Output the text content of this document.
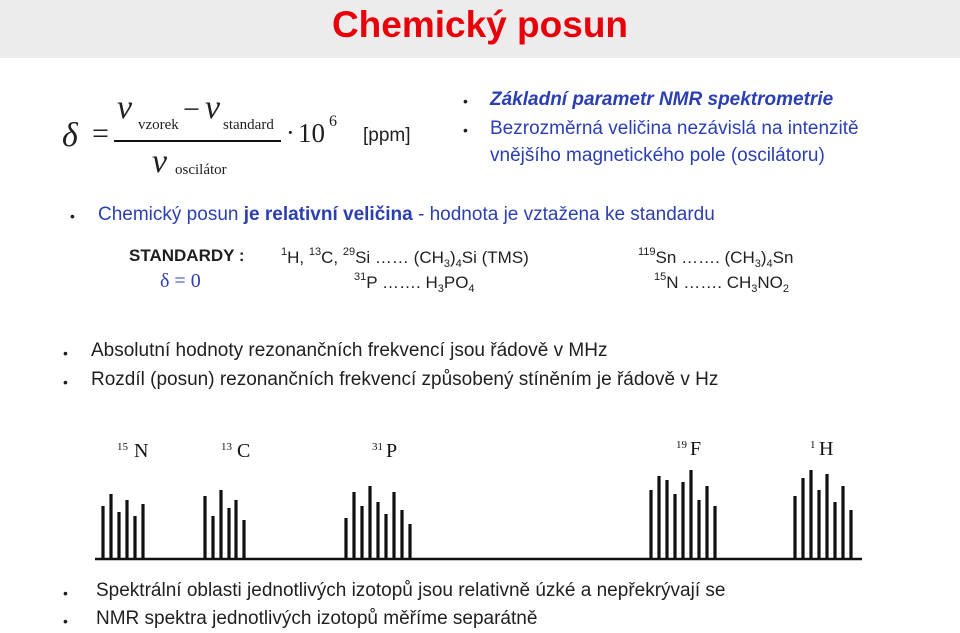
Chemický posun
δ =
ν vzorek − ν standard
ν oscilátor
· 10 6
[ppm]
• Základní parametr NMR spektrometrie
• Bezrozměrná veličina nezávislá na intenzitě
vnějšího magnetického pole (oscilátoru)
• Chemický posun je relativní veličina - hodnota je vztažena ke standardu
STANDARDY :
δ = 0
$^1$H, $^{13}$C, $^{29}$Si …… $(CH_3)_4Si$ (TMS)
$^{31}$P ……. $H_3PO_4$
$^{119}$Sn ……. $(CH_3)_4Sn$
$^{15}$N ……. $CH_3NO_2$
• Absolutní hodnoty rezonančních frekvencí jsou řádově v MHz
• Rozdíl (posun) rezonančních frekvencí způsobený stíněním je řádově v Hz
15 N	13 C	31 P	19 F	1 H
• Spektrální oblasti jednotlivých izotopů jsou relativně úzké a nepřekrývají se
• NMR spektra jednotlivých izotopů měříme separátně
